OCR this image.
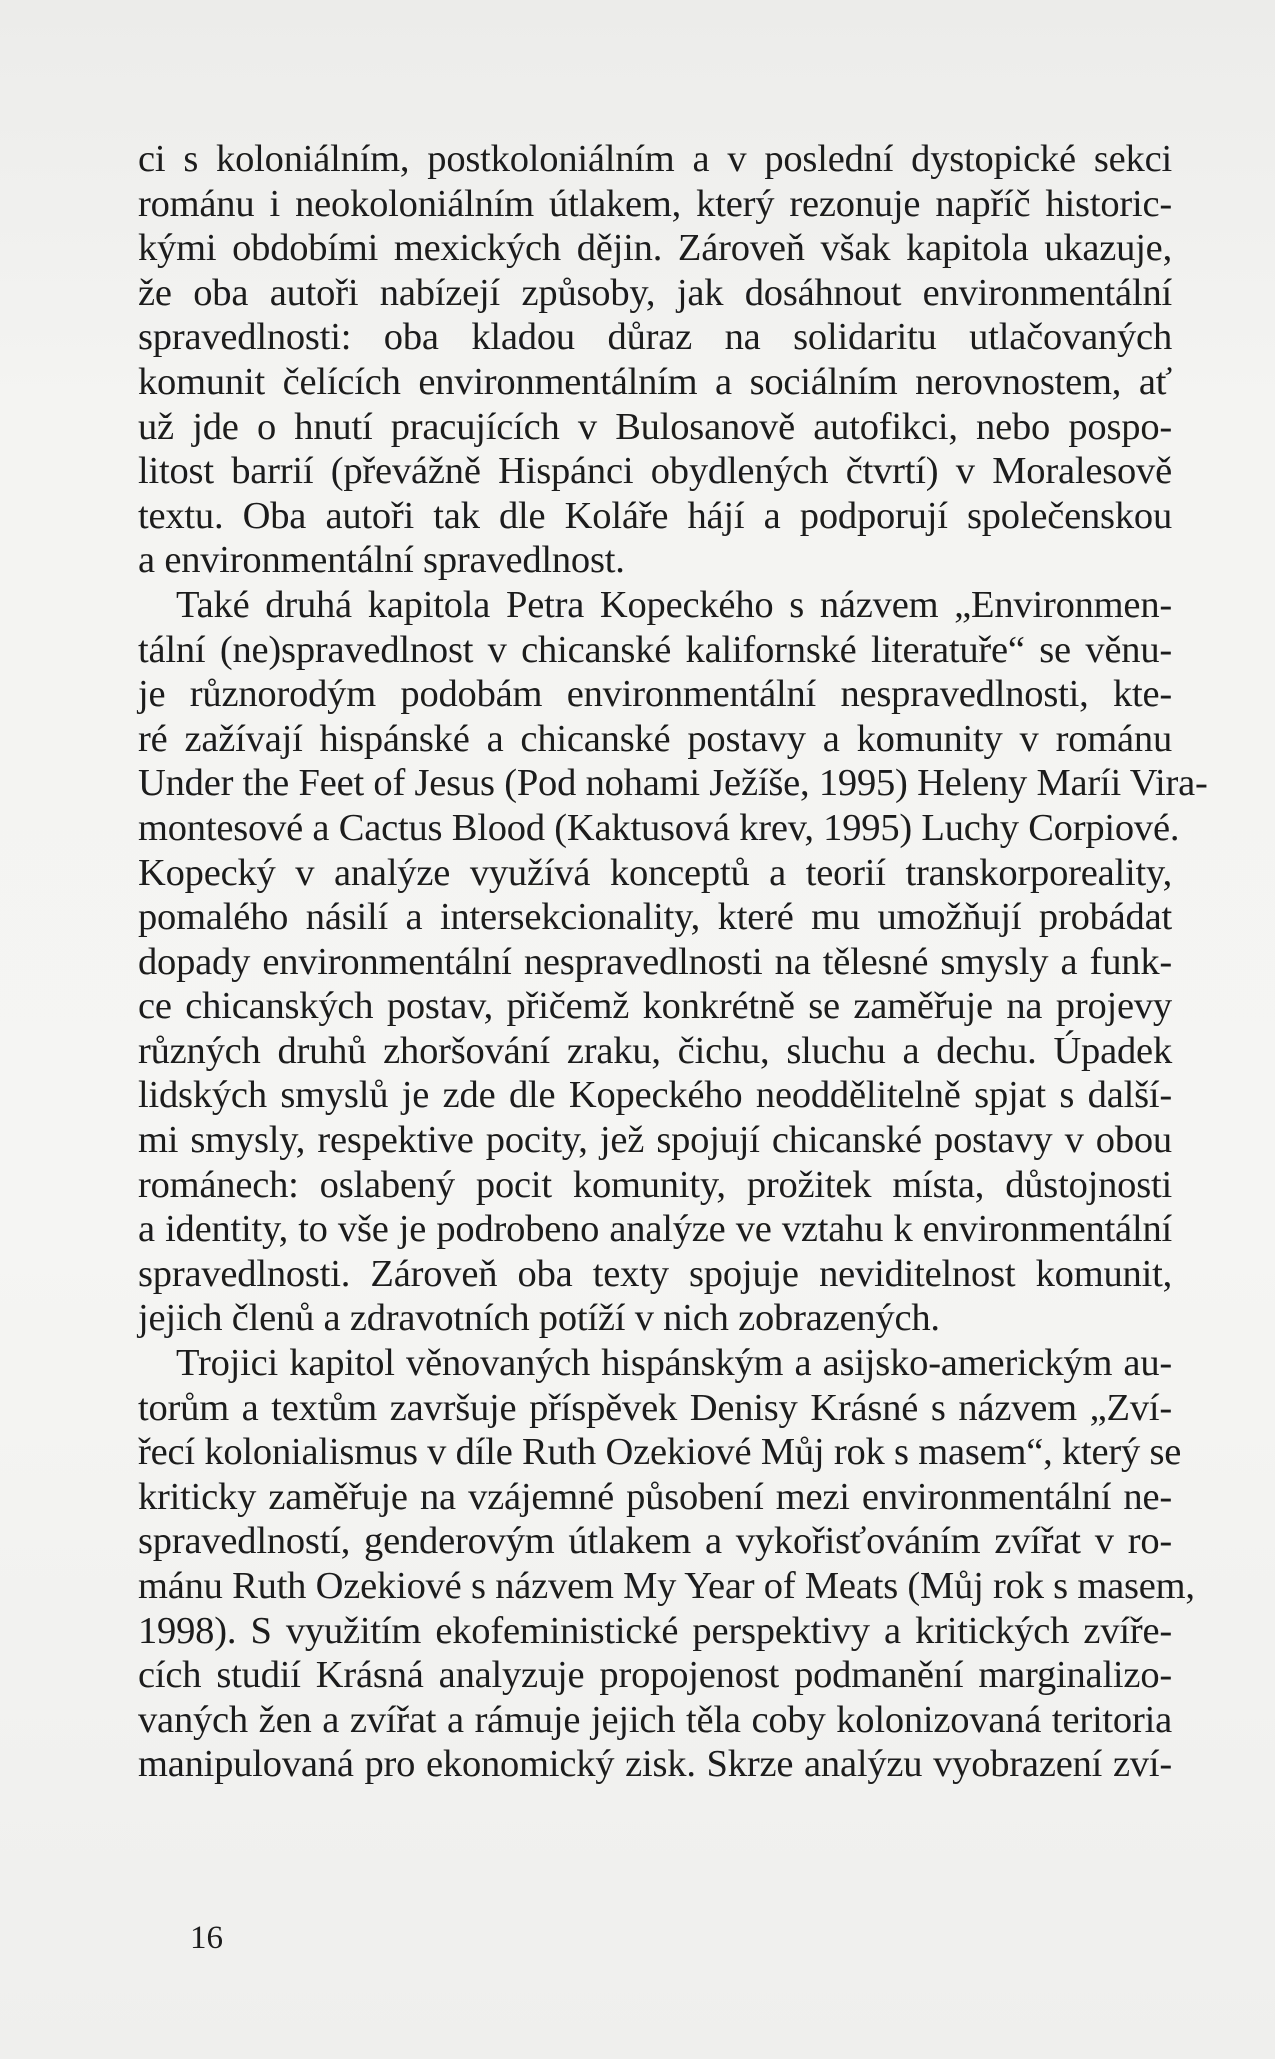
ci s koloniálním, postkoloniálním a v poslední dystopické sekci
románu i neokoloniálním útlakem, který rezonuje napříč historic-
kými obdobími mexických dějin. Zároveň však kapitola ukazuje,
že oba autoři nabízejí způsoby, jak dosáhnout environmentální
spravedlnosti: oba kladou důraz na solidaritu utlačovaných
komunit čelících environmentálním a sociálním nerovnostem, ať
už jde o hnutí pracujících v Bulosanově autofikci, nebo pospo-
litost barrií (převážně Hispánci obydlených čtvrtí) v Moralesově
textu. Oba autoři tak dle Koláře hájí a podporují společenskou
a environmentální spravedlnost.
Také druhá kapitola Petra Kopeckého s názvem „Environmen-
tální (ne)spravedlnost v chicanské kalifornské literatuře“ se věnu-
je různorodým podobám environmentální nespravedlnosti, kte-
ré zažívají hispánské a chicanské postavy a komunity v románu
Under the Feet of Jesus (Pod nohami Ježíše, 1995) Heleny Maríi Vira-
montesové a Cactus Blood (Kaktusová krev, 1995) Luchy Corpiové.
Kopecký v analýze využívá konceptů a teorií transkorporeality,
pomalého násilí a intersekcionality, které mu umožňují probádat
dopady environmentální nespravedlnosti na tělesné smysly a funk-
ce chicanských postav, přičemž konkrétně se zaměřuje na projevy
různých druhů zhoršování zraku, čichu, sluchu a dechu. Úpadek
lidských smyslů je zde dle Kopeckého neoddělitelně spjat s další-
mi smysly, respektive pocity, jež spojují chicanské postavy v obou
románech: oslabený pocit komunity, prožitek místa, důstojnosti
a identity, to vše je podrobeno analýze ve vztahu k environmentální
spravedlnosti. Zároveň oba texty spojuje neviditelnost komunit,
jejich členů a zdravotních potíží v nich zobrazených.
Trojici kapitol věnovaných hispánským a asijsko-americkým au-
torům a textům završuje příspěvek Denisy Krásné s názvem „Zví-
řecí kolonialismus v díle Ruth Ozekiové Můj rok s masem“, který se
kriticky zaměřuje na vzájemné působení mezi environmentální ne-
spravedlností, genderovým útlakem a vykořisťováním zvířat v ro-
mánu Ruth Ozekiové s názvem My Year of Meats (Můj rok s masem,
1998). S využitím ekofeministické perspektivy a kritických zvíře-
cích studií Krásná analyzuje propojenost podmanění marginalizo-
vaných žen a zvířat a rámuje jejich těla coby kolonizovaná teritoria
manipulovaná pro ekonomický zisk. Skrze analýzu vyobrazení zví-
16
